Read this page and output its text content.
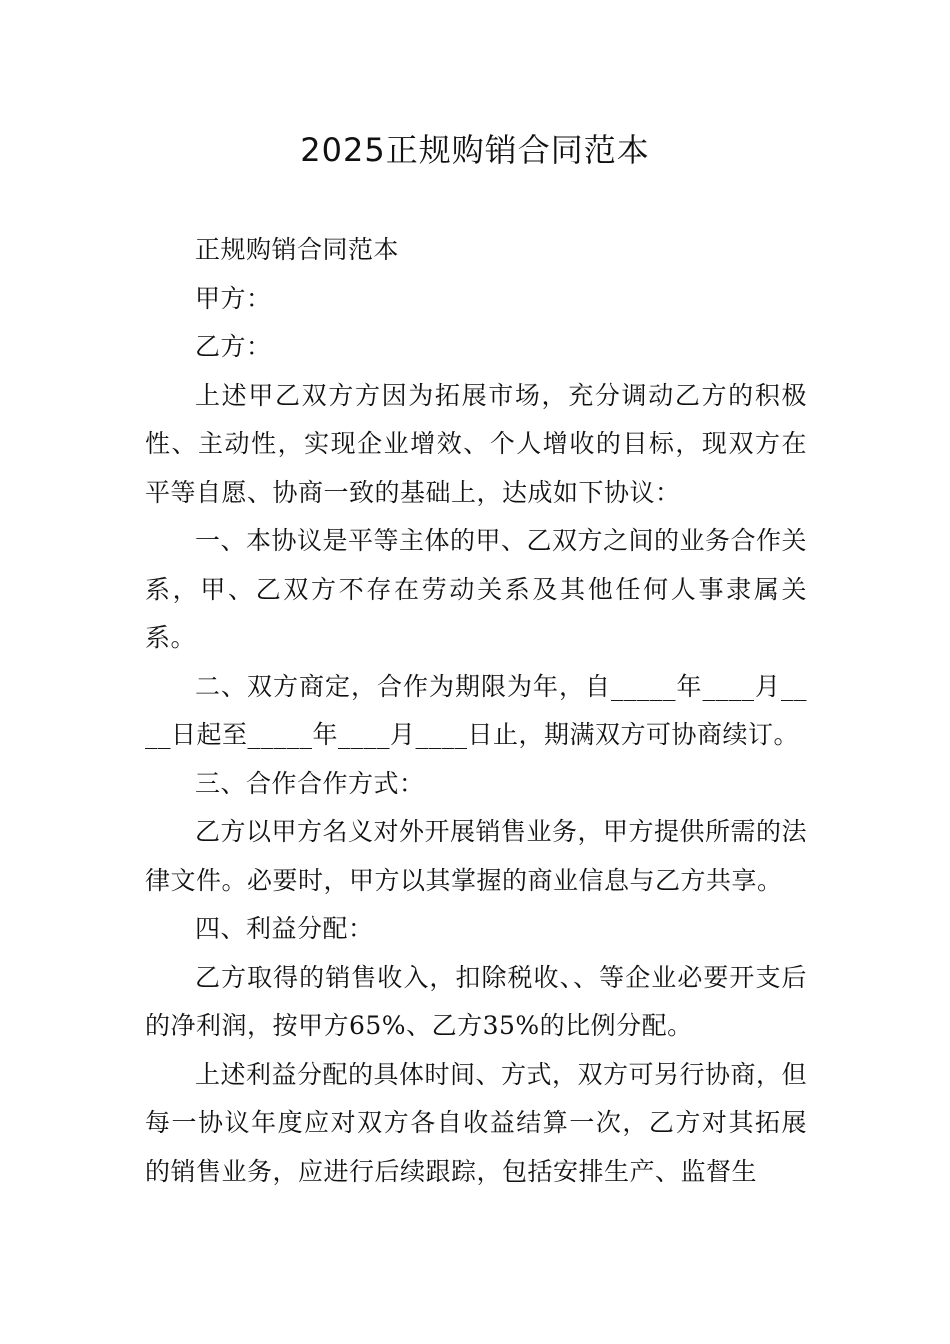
2025正规购销合同范本

正规购销合同范本

甲方：

乙方：

上述甲乙双方方因为拓展市场，充分调动乙方的积极性、主动性，实现企业增效、个人增收的目标，现双方在平等自愿、协商一致的基础上，达成如下协议：

一、本协议是平等主体的甲、乙双方之间的业务合作关系，甲、乙双方不存在劳动关系及其他任何人事隶属关系。

二、双方商定，合作为期限为年，自_____年____月____日起至_____年____月____日止，期满双方可协商续订。

三、合作合作方式：

乙方以甲方名义对外开展销售业务，甲方提供所需的法律文件。必要时，甲方以其掌握的商业信息与乙方共享。

四、利益分配：

乙方取得的销售收入，扣除税收、、等企业必要开支后的净利润，按甲方65%、乙方35%的比例分配。

上述利益分配的具体时间、方式，双方可另行协商，但每一协议年度应对双方各自收益结算一次，乙方对其拓展的销售业务，应进行后续跟踪，包括安排生产、监督生
